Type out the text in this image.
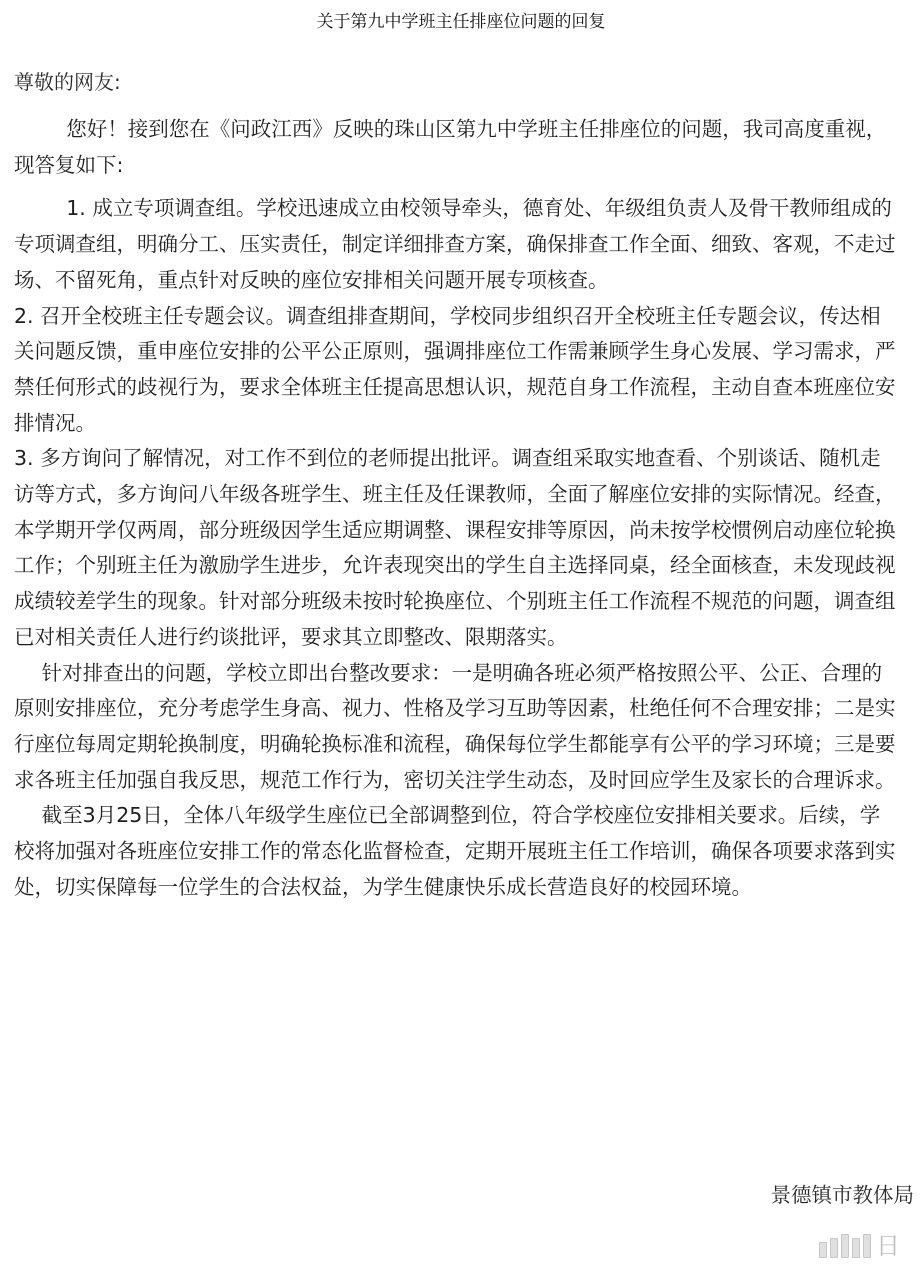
关于第九中学班主任排座位问题的回复
尊敬的网友:

您好！接到您在《问政江西》反映的珠山区第九中学班主任排座位的问题，我司高度重视，现答复如下:

1. 成立专项调查组。学校迅速成立由校领导牵头，德育处、年级组负责人及骨干教师组成的专项调查组，明确分工、压实责任，制定详细排查方案，确保排查工作全面、细致、客观，不走过场、不留死角，重点针对反映的座位安排相关问题开展专项核查。

2. 召开全校班主任专题会议。调查组排查期间，学校同步组织召开全校班主任专题会议，传达相关问题反馈，重申座位安排的公平公正原则，强调排座位工作需兼顾学生身心发展、学习需求，严禁任何形式的歧视行为，要求全体班主任提高思想认识，规范自身工作流程，主动自查本班座位安排情况。

3. 多方询问了解情况，对工作不到位的老师提出批评。调查组采取实地查看、个别谈话、随机走访等方式，多方询问八年级各班学生、班主任及任课教师，全面了解座位安排的实际情况。经查，本学期开学仅两周，部分班级因学生适应期调整、课程安排等原因，尚未按学校惯例启动座位轮换工作；个别班主任为激励学生进步，允许表现突出的学生自主选择同桌，经全面核查，未发现歧视成绩较差学生的现象。针对部分班级未按时轮换座位、个别班主任工作流程不规范的问题，调查组已对相关责任人进行约谈批评，要求其立即整改、限期落实。

针对排查出的问题，学校立即出台整改要求：一是明确各班必须严格按照公平、公正、合理的原则安排座位，充分考虑学生身高、视力、性格及学习互助等因素，杜绝任何不合理安排；二是实行座位每周定期轮换制度，明确轮换标准和流程，确保每位学生都能享有公平的学习环境；三是要求各班主任加强自我反思，规范工作行为，密切关注学生动态，及时回应学生及家长的合理诉求。

截至3月25日，全体八年级学生座位已全部调整到位，符合学校座位安排相关要求。后续，学校将加强对各班座位安排工作的常态化监督检查，定期开展班主任工作培训，确保各项要求落到实处，切实保障每一位学生的合法权益，为学生健康快乐成长营造良好的校园环境。

景德镇市教体局
日
